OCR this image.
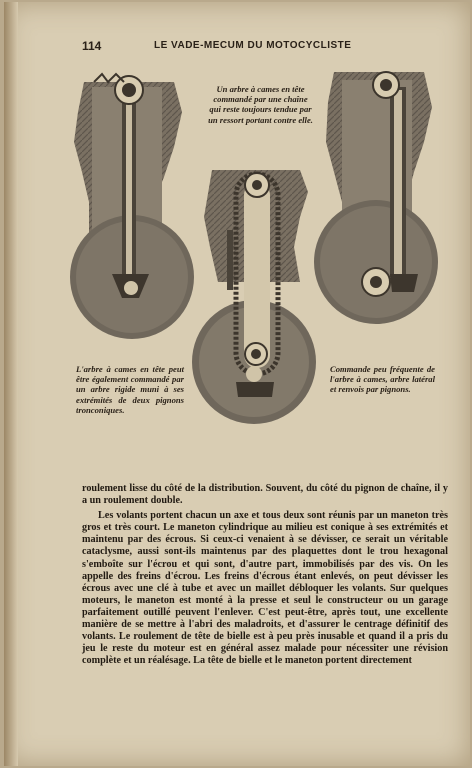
114	LE VADE-MECUM DU MOTOCYCLISTE
Un arbre à cames en tête commandé par une chaîne qui reste toujours tendue par un ressort portant contre elle.
L'arbre à cames en tête peut être également commandé par un arbre rigide muni à ses extrémités de deux pignons tronconiques.
Commande peu fréquente de l'arbre à cames, arbre latéral et renvois par pignons.

roulement lisse du côté de la distribution. Souvent, du côté du pignon de chaîne, il y a un roulement double.

Les volants portent chacun un axe et tous deux sont réunis par un maneton très gros et très court. Le maneton cylindrique au milieu est conique à ses extrémités et maintenu par des écrous. Si ceux-ci venaient à se dévisser, ce serait un véritable cataclysme, aussi sont-ils maintenus par des plaquettes dont le trou hexagonal s'emboîte sur l'écrou et qui sont, d'autre part, immobilisés par des vis. On les appelle des freins d'écrou. Les freins d'écrous étant enlevés, on peut dévisser les écrous avec une clé à tube et avec un maillet débloquer les volants. Sur quelques moteurs, le maneton est monté à la presse et seul le constructeur ou un garage parfaitement outillé peuvent l'enlever. C'est peut-être, après tout, une excellente manière de se mettre à l'abri des maladroits, et d'assurer le centrage définitif des volants. Le roulement de tête de bielle est à peu près inusable et quand il a pris du jeu le reste du moteur est en général assez malade pour nécessiter une révision complète et un réalésage. La tête de bielle et le maneton portent directement
